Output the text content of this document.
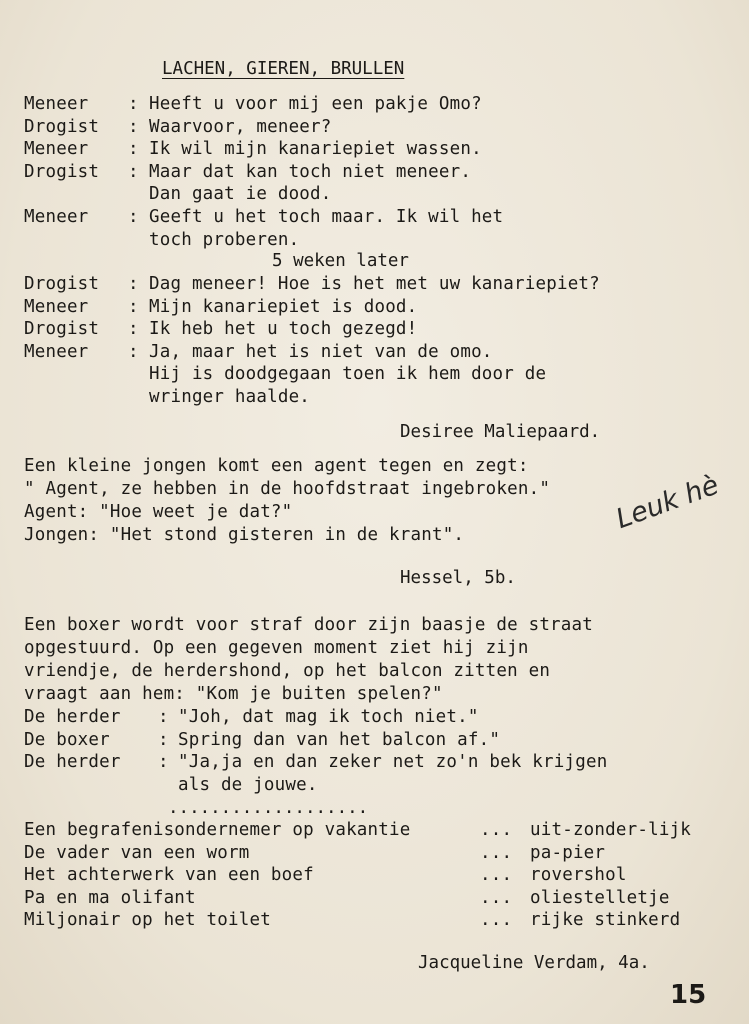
LACHEN, GIEREN, BRULLEN
Meneer : Heeft u voor mij een pakje Omo?
Drogist : Waarvoor, meneer?
Meneer : Ik wil mijn kanariepiet wassen.
Drogist : Maar dat kan toch niet meneer.
Dan gaat ie dood.
Meneer : Geeft u het toch maar. Ik wil het
toch proberen.
5 weken later
Drogist : Dag meneer! Hoe is het met uw kanariepiet?
Meneer : Mijn kanariepiet is dood.
Drogist : Ik heb het u toch gezegd!
Meneer : Ja, maar het is niet van de omo.
Hij is doodgegaan toen ik hem door de
wringer haalde.
Desiree Maliepaard.
Een kleine jongen komt een agent tegen en zegt:
" Agent, ze hebben in de hoofdstraat ingebroken."
Agent: "Hoe weet je dat?"
Jongen: "Het stond gisteren in de krant".	Leuk hè
Hessel, 5b.
Een boxer wordt voor straf door zijn baasje de straat
opgestuurd. Op een gegeven moment ziet hij zijn
vriendje, de herdershond, op het balcon zitten en
vraagt aan hem: "Kom je buiten spelen?"
De herder : "Joh, dat mag ik toch niet."
De boxer	: Spring dan van het balcon af."
De herder : "Ja,ja en dan zeker net zo'n bek krijgen
als de jouwe.
...................
Een begrafenisondernemer op vakantie	... uit-zonder-lijk
De vader van een worm	... pa-pier
Het achterwerk van een boef	... rovershol
Pa en ma olifant	... oliestelletje
Miljonair op het toilet	... rijke stinkerd
Jacqueline Verdam, 4a.
15
